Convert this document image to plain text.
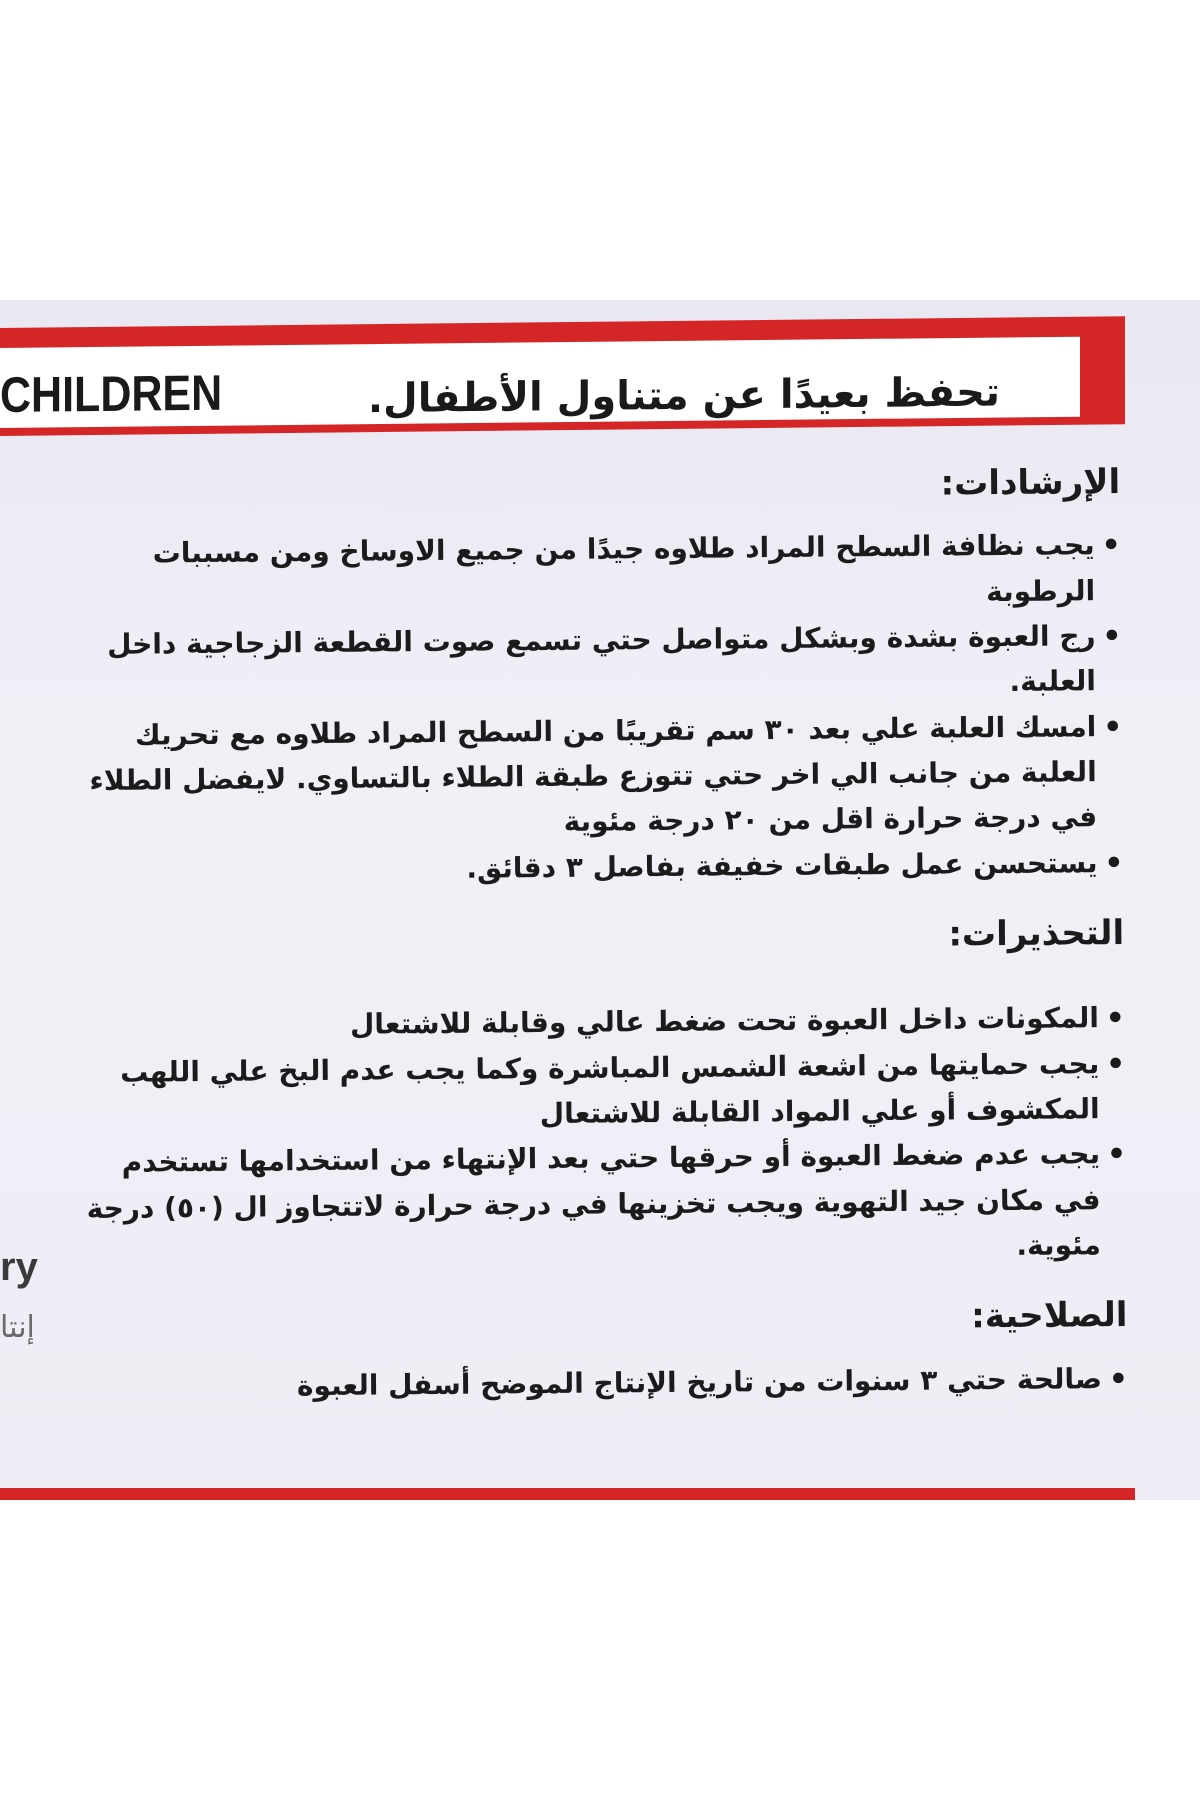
CHILDREN	تحفظ بعيدًا عن متناول الأطفال.
الإرشادات:
• يجب نظافة السطح المراد طلاوه جيدًا من جميع الاوساخ ومن مسببات الرطوبة
• رج العبوة بشدة وبشكل متواصل حتي تسمع صوت القطعة الزجاجية داخل العلبة.
• امسك العلبة علي بعد ٣٠ سم تقريبًا من السطح المراد طلاوه مع تحريك العلبة من جانب الي اخر حتي تتوزع طبقة الطلاء بالتساوي. لايفضل الطلاء في درجة حرارة اقل من ٢٠ درجة مئوية
• يستحسن عمل طبقات خفيفة بفاصل ٣ دقائق.
التحذيرات:
• المكونات داخل العبوة تحت ضغط عالي وقابلة للاشتعال
• يجب حمايتها من اشعة الشمس المباشرة وكما يجب عدم البخ علي اللهب المكشوف أو علي المواد القابلة للاشتعال
• يجب عدم ضغط العبوة أو حرقها حتي بعد الإنتهاء من استخدامها تستخدم في مكان جيد التهوية ويجب تخزينها في درجة حرارة لاتتجاوز ال (٥٠) درجة مئوية.
الصلاحية:
• صالحة حتي ٣ سنوات من تاريخ الإنتاج الموضح أسفل العبوة
ry
إنتا
